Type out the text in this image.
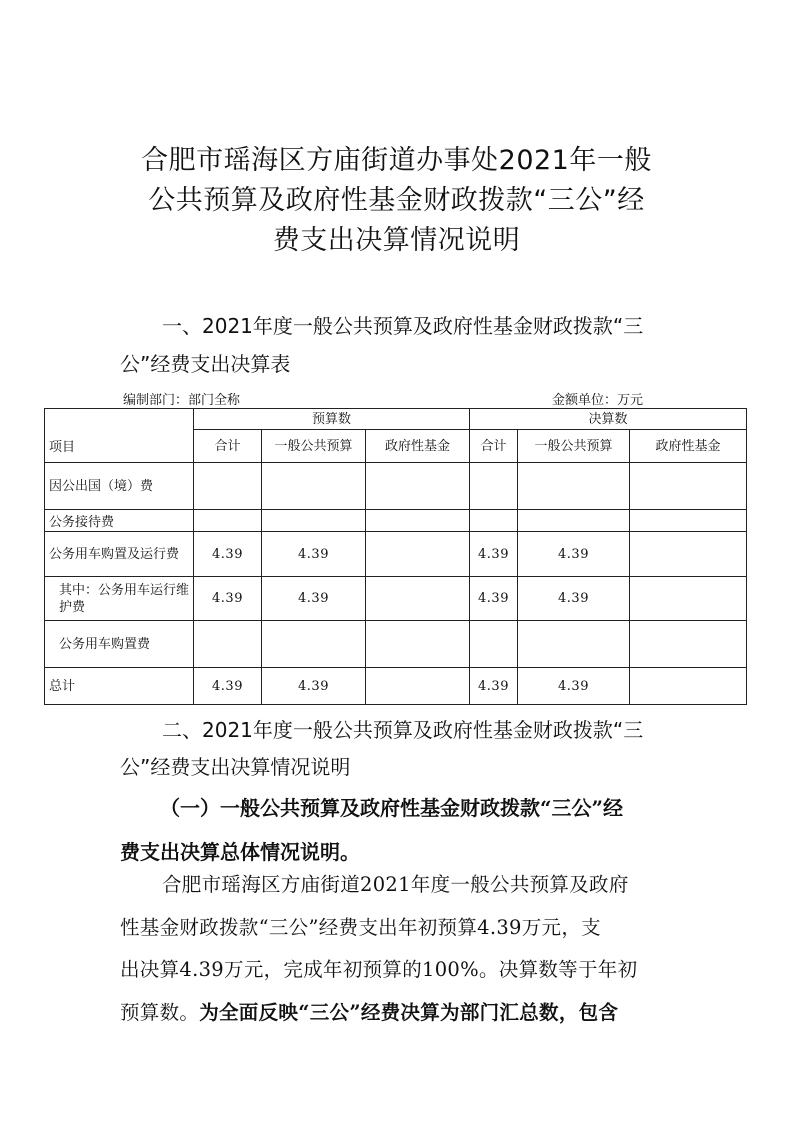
合肥市瑶海区方庙街道办事处2021年一般
公共预算及政府性基金财政拨款“三公”经
费支出决算情况说明
一、2021年度一般公共预算及政府性基金财政拨款“三
公”经费支出决算表
编制部门：部门全称	金额单位：万元
项目	预算数			决算数		
	合计	一般公共预算	政府性基金	合计	一般公共预算	政府性基金
因公出国（境）费						
公务接待费						
公务用车购置及运行费	4.39	4.39		4.39	4.39	
其中：公务用车运行维护费	4.39	4.39		4.39	4.39	
公务用车购置费						
总计	4.39	4.39		4.39	4.39	
二、2021年度一般公共预算及政府性基金财政拨款“三
公”经费支出决算情况说明
（一）一般公共预算及政府性基金财政拨款“三公”经
费支出决算总体情况说明。
合肥市瑶海区方庙街道2021年度一般公共预算及政府
性基金财政拨款“三公”经费支出年初预算4.39万元，支
出决算4.39万元，完成年初预算的100%。决算数等于年初
预算数。为全面反映“三公”经费决算为部门汇总数，包含
